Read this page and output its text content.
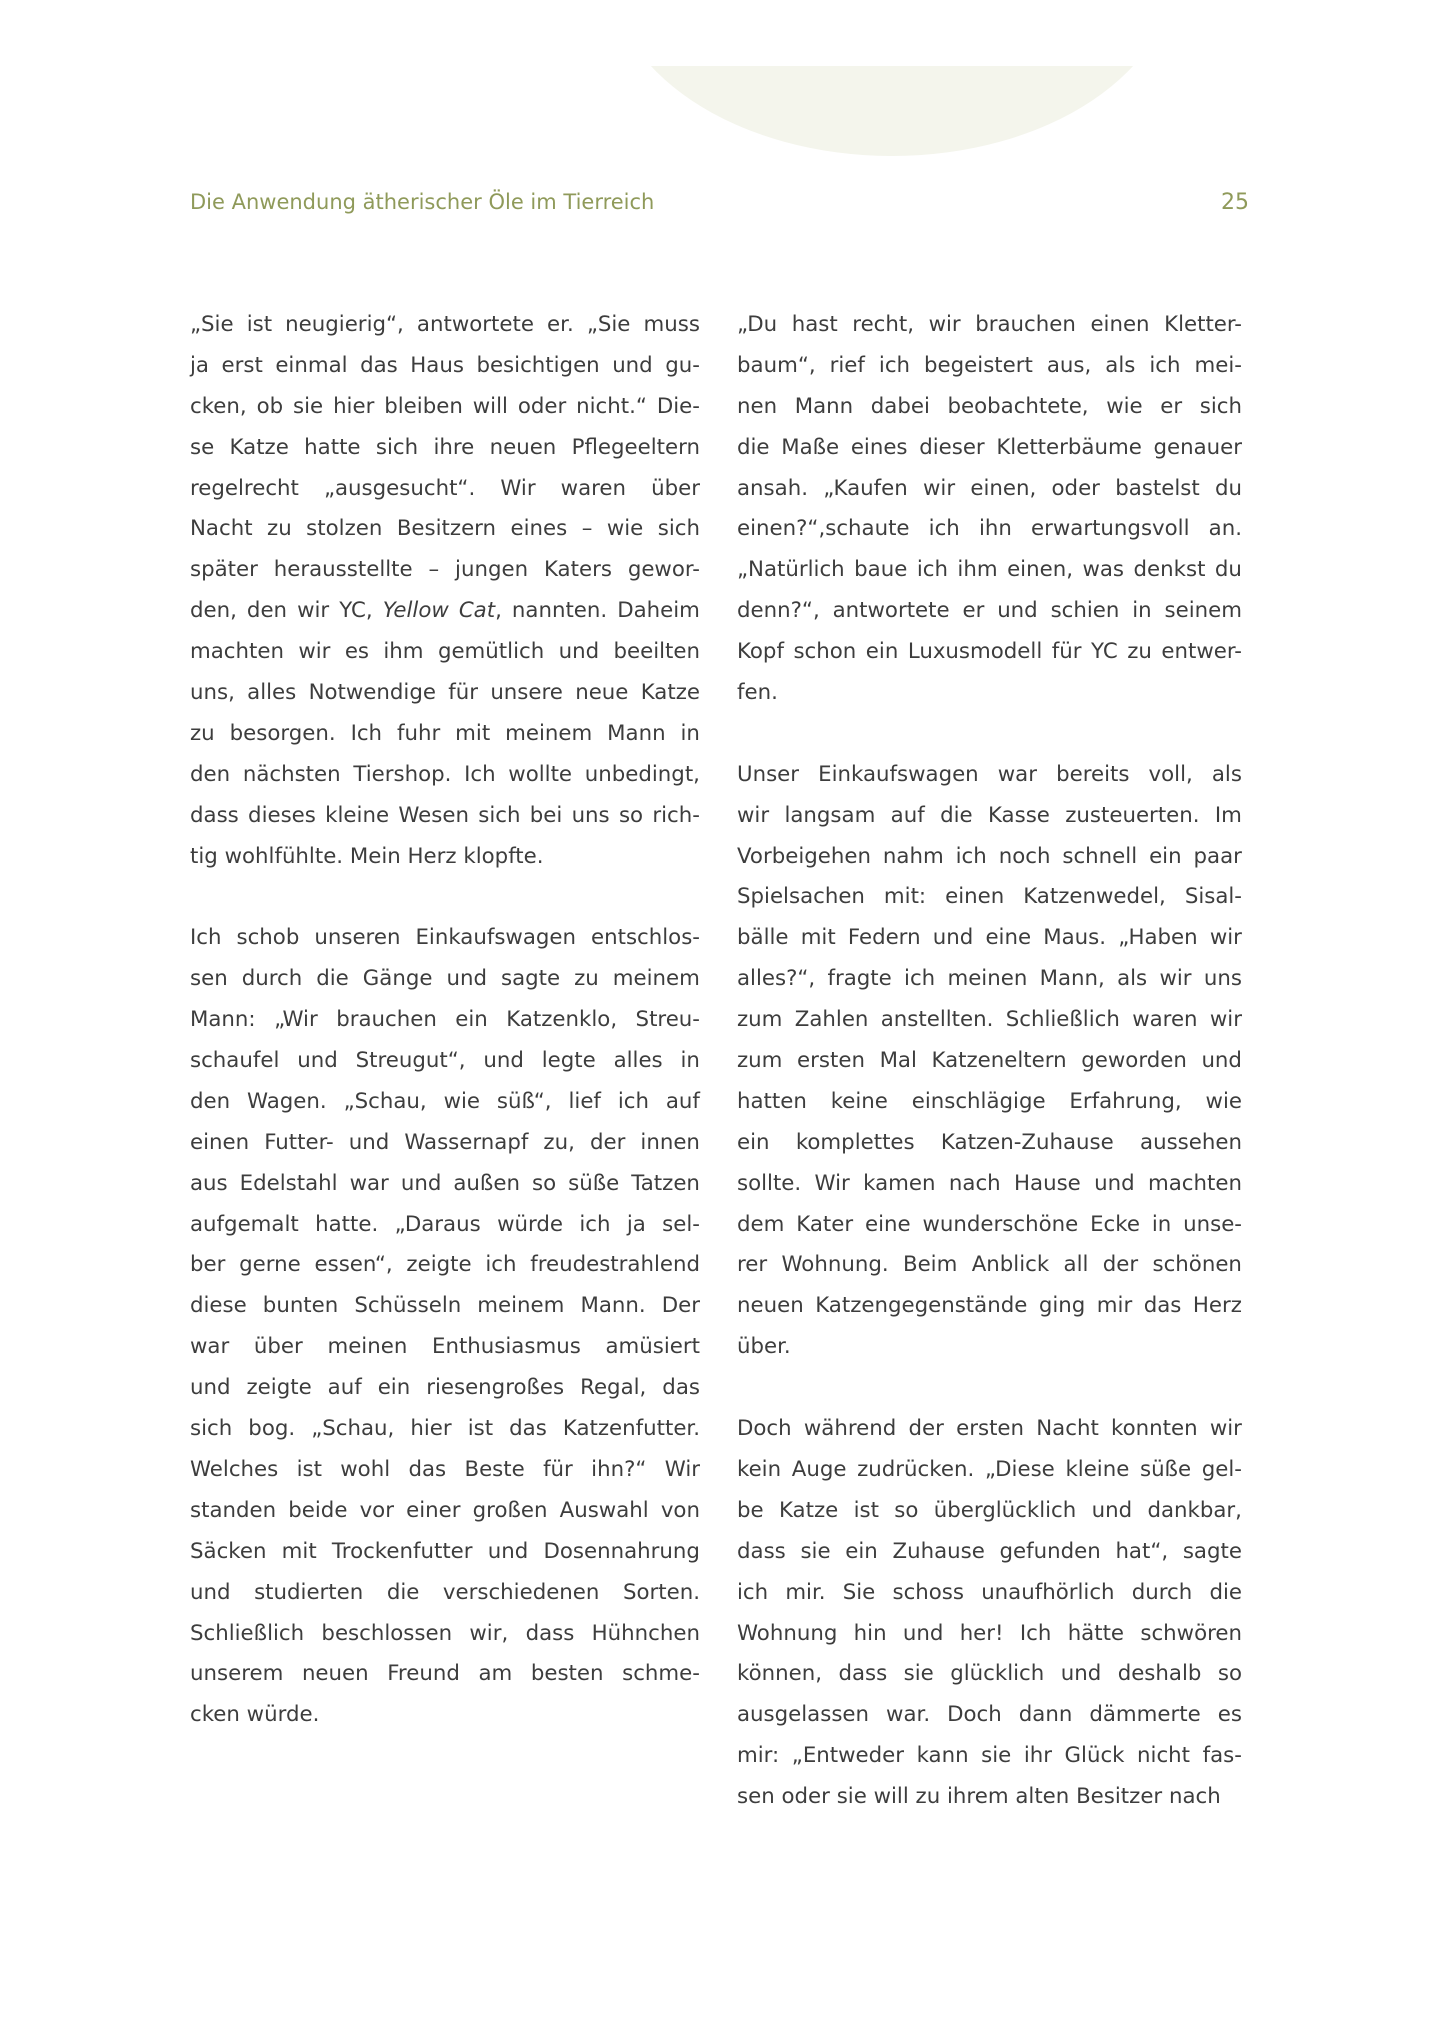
Die Anwendung ätherischer Öle im Tierreich	25
„Sie ist neugierig“, antwortete er. „Sie muss
ja erst einmal das Haus besichtigen und gu-
cken, ob sie hier bleiben will oder nicht.“ Die-
se Katze hatte sich ihre neuen Pflegeeltern
regelrecht „ausgesucht“. Wir waren über
Nacht zu stolzen Besitzern eines – wie sich
später herausstellte – jungen Katers gewor-
den, den wir YC, Yellow Cat, nannten. Daheim
machten wir es ihm gemütlich und beeilten
uns, alles Notwendige für unsere neue Katze
zu besorgen. Ich fuhr mit meinem Mann in
den nächsten Tiershop. Ich wollte unbedingt,
dass dieses kleine Wesen sich bei uns so rich-
tig wohlfühlte. Mein Herz klopfte.
Ich schob unseren Einkaufswagen entschlos-
sen durch die Gänge und sagte zu meinem
Mann: „Wir brauchen ein Katzenklo, Streu-
schaufel und Streugut“, und legte alles in
den Wagen. „Schau, wie süß“, lief ich auf
einen Futter- und Wassernapf zu, der innen
aus Edelstahl war und außen so süße Tatzen
aufgemalt hatte. „Daraus würde ich ja sel-
ber gerne essen“, zeigte ich freudestrahlend
diese bunten Schüsseln meinem Mann. Der
war über meinen Enthusiasmus amüsiert
und zeigte auf ein riesengroßes Regal, das
sich bog. „Schau, hier ist das Katzenfutter.
Welches ist wohl das Beste für ihn?“ Wir
standen beide vor einer großen Auswahl von
Säcken mit Trockenfutter und Dosennahrung
und studierten die verschiedenen Sorten.
Schließlich beschlossen wir, dass Hühnchen
unserem neuen Freund am besten schme-
cken würde.
„Du hast recht, wir brauchen einen Kletter-
baum“, rief ich begeistert aus, als ich mei-
nen Mann dabei beobachtete, wie er sich
die Maße eines dieser Kletterbäume genauer
ansah. „Kaufen wir einen, oder bastelst du
einen?“,schaute ich ihn erwartungsvoll an.
„Natürlich baue ich ihm einen, was denkst du
denn?“, antwortete er und schien in seinem
Kopf schon ein Luxusmodell für YC zu entwer-
fen.
Unser Einkaufswagen war bereits voll, als
wir langsam auf die Kasse zusteuerten. Im
Vorbeigehen nahm ich noch schnell ein paar
Spielsachen mit: einen Katzenwedel, Sisal-
bälle mit Federn und eine Maus. „Haben wir
alles?“, fragte ich meinen Mann, als wir uns
zum Zahlen anstellten. Schließlich waren wir
zum ersten Mal Katzeneltern geworden und
hatten keine einschlägige Erfahrung, wie
ein komplettes Katzen-Zuhause aussehen
sollte. Wir kamen nach Hause und machten
dem Kater eine wunderschöne Ecke in unse-
rer Wohnung. Beim Anblick all der schönen
neuen Katzengegenstände ging mir das Herz
über.
Doch während der ersten Nacht konnten wir
kein Auge zudrücken. „Diese kleine süße gel-
be Katze ist so überglücklich und dankbar,
dass sie ein Zuhause gefunden hat“, sagte
ich mir. Sie schoss unaufhörlich durch die
Wohnung hin und her! Ich hätte schwören
können, dass sie glücklich und deshalb so
ausgelassen war. Doch dann dämmerte es
mir: „Entweder kann sie ihr Glück nicht fas-
sen oder sie will zu ihrem alten Besitzer nach
